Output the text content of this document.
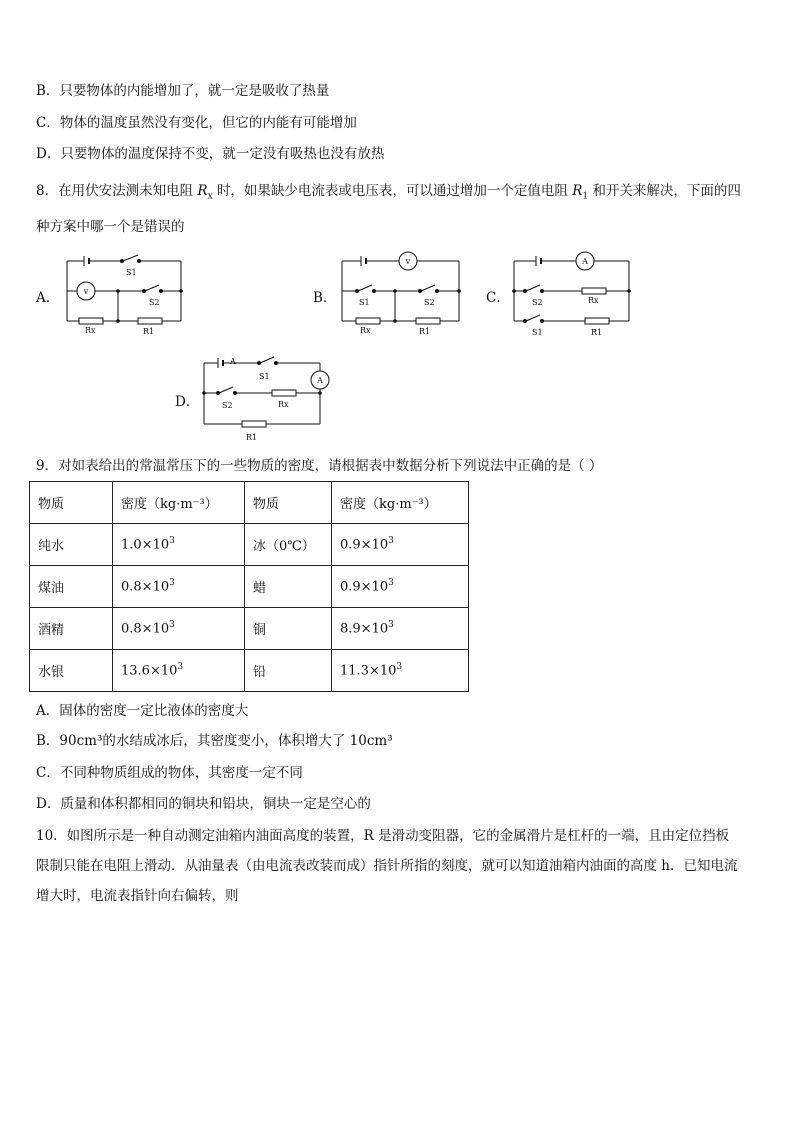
B．只要物体的内能增加了，就一定是吸收了热量
C．物体的温度虽然没有变化，但它的内能有可能增加
D．只要物体的温度保持不变，就一定没有吸热也没有放热
8．在用伏安法测未知电阻 $R_x$ 时，如果缺少电流表或电压表，可以通过增加一个定值电阻 $R_1$ 和开关来解决，下面的四
种方案中哪一个是错误的
A．	B．	C．
D．
v
S1
S2
Rx	R1
v
S1	S2
Rx	R1
A
S2	Rx
S1	R1
A
A
S1
S2	Rx
R1
9．对如表给出的常温常压下的一些物质的密度，请根据表中数据分析下列说法中正确的是（ ）
物质	密度（kg·m⁻³）	物质	密度（kg·m⁻³）
纯水	$1.0\times 10^3$	冰（0℃）	$0.9\times 10^3$
煤油	$0.8\times 10^3$	蜡	$0.9\times 10^3$
酒精	$0.8\times 10^3$	铜	$8.9\times 10^3$
水银	$13.6\times 10^3$	铅	$11.3\times 10^3$
A．固体的密度一定比液体的密度大
B．90cm³的水结成冰后，其密度变小，体积增大了 10cm³
C．不同种物质组成的物体，其密度一定不同
D．质量和体积都相同的铜块和铅块，铜块一定是空心的
10．如图所示是一种自动测定油箱内油面高度的装置，R 是滑动变阻器，它的金属滑片是杠杆的一端，且由定位挡板
限制只能在电阻上滑动．从油量表（由电流表改装而成）指针所指的刻度，就可以知道油箱内油面的高度 h．已知电流
增大时，电流表指针向右偏转，则
